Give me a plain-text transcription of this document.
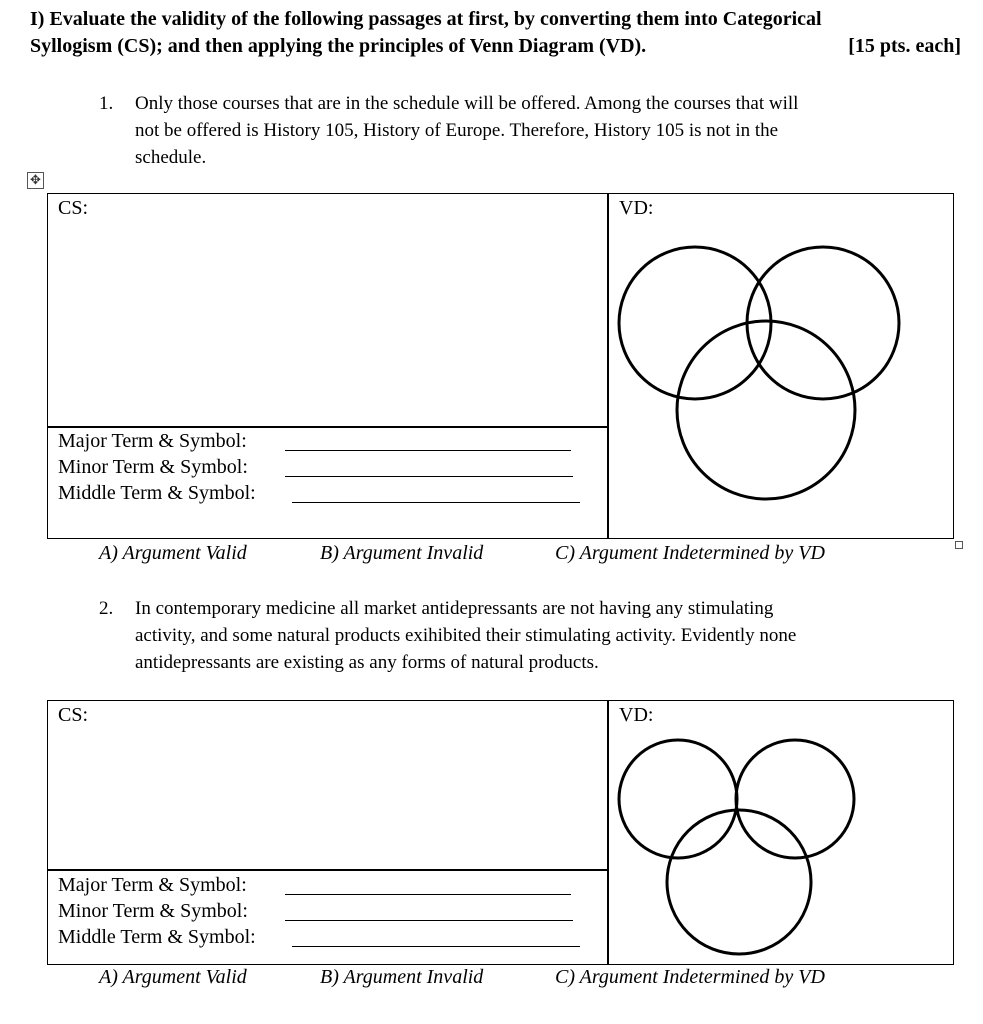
I) Evaluate the validity of the following passages at first, by converting them into Categorical
Syllogism (CS); and then applying the principles of Venn Diagram (VD).	[15 pts. each]
1. Only those courses that are in the schedule will be offered. Among the courses that will
not be offered is History 105, History of Europe. Therefore, History 105 is not in the
schedule.
✥
CS:	VD:
Major Term & Symbol:
Minor Term & Symbol:
Middle Term & Symbol:
A) Argument Valid	B) Argument Invalid	C) Argument Indetermined by VD
2. In contemporary medicine all market antidepressants are not having any stimulating
activity, and some natural products exihibited their stimulating activity. Evidently none
antidepressants are existing as any forms of natural products.
CS:	VD:
Major Term & Symbol:
Minor Term & Symbol:
Middle Term & Symbol:
A) Argument Valid	B) Argument Invalid	C) Argument Indetermined by VD
